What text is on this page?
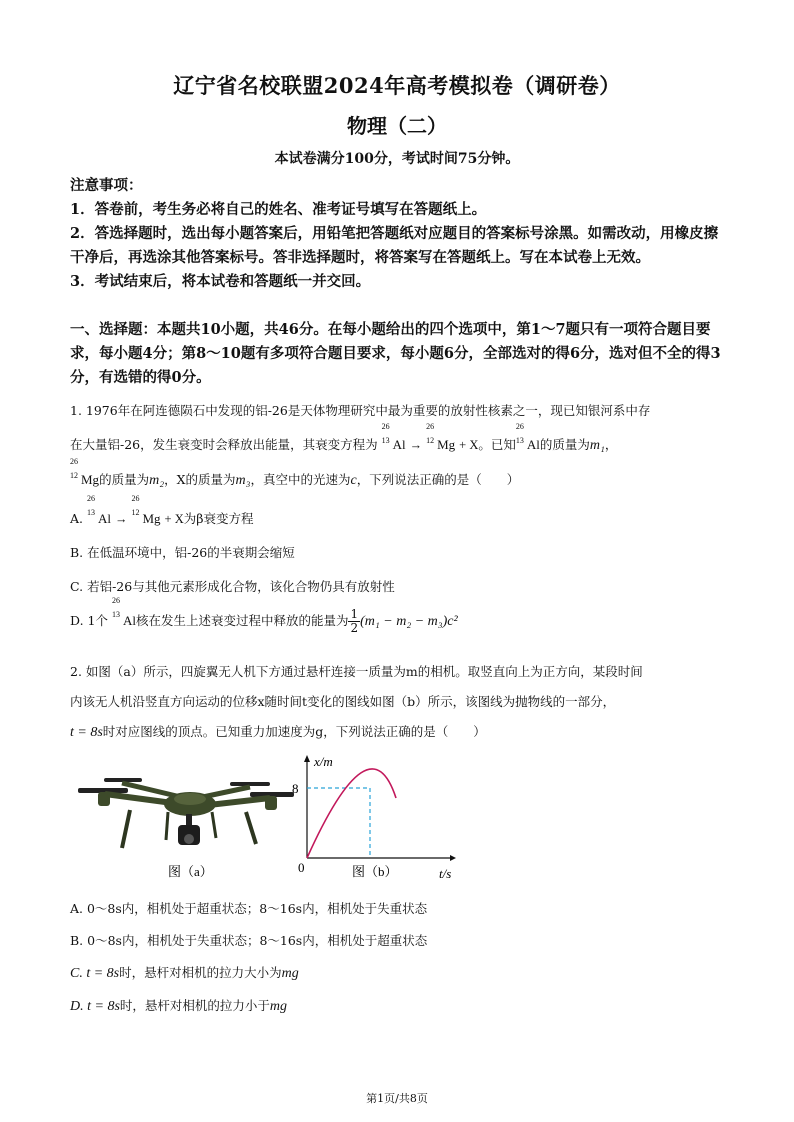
辽宁省名校联盟2024年高考模拟卷（调研卷）
物理（二）
本试卷满分100分，考试时间75分钟。

注意事项：

1．答卷前，考生务必将自己的姓名、准考证号填写在答题纸上。

2．答选择题时，选出每小题答案后，用铅笔把答题纸对应题目的答案标号涂黑。如需改动，用橡皮擦干净后，再选涂其他答案标号。答非选择题时，将答案写在答题纸上。写在本试卷上无效。

3．考试结束后，将本试卷和答题纸一并交回。

一、选择题：本题共10小题，共46分。在每小题给出的四个选项中，第1～7题只有一项符合题目要求，每小题4分；第8～10题有多项符合题目要求，每小题6分，全部选对的得6分，选对但不全的得3分，有选错的得0分。

1. 1976年在阿连德陨石中发现的铝-26是天体物理研究中最为重要的放射性核素之一，现已知银河系中存

在大量铝-26，发生衰变时会释放出能量，其衰变方程为
26
13 Al →
26
12 Mg + X。已知
26
13 Al的质量为m₁，

26
12 Mg的质量为m₂，X的质量为m₃，真空中的光速为c，下列说法正确的是（　　）

A.
26
13 Al →
26
12 Mg + X为β衰变方程

B. 在低温环境中，铝-26的半衰期会缩短

C. 若铝-26与其他元素形成化合物，该化合物仍具有放射性

D. 1个
26
13 Al核在发生上述衰变过程中释放的能量为 $\frac{1}{2} (m_1 - m_2 - m_3)c^2$

2. 如图（a）所示，四旋翼无人机下方通过悬杆连接一质量为m的相机。取竖直向上为正方向，某段时间

内该无人机沿竖直方向运动的位移x随时间t变化的图线如图（b）所示，该图线为抛物线的一部分，

t = 8s时对应图线的顶点。已知重力加速度为g，下列说法正确的是（　　）

图（a）
x/m
8
0	t/s
图（b）

A. 0～8s内，相机处于超重状态；8～16s内，相机处于失重状态

B. 0～8s内，相机处于失重状态；8～16s内，相机处于超重状态

C. t = 8s时，悬杆对相机的拉力大小为mg

D. t = 8s时，悬杆对相机的拉力小于mg

第1页/共8页
